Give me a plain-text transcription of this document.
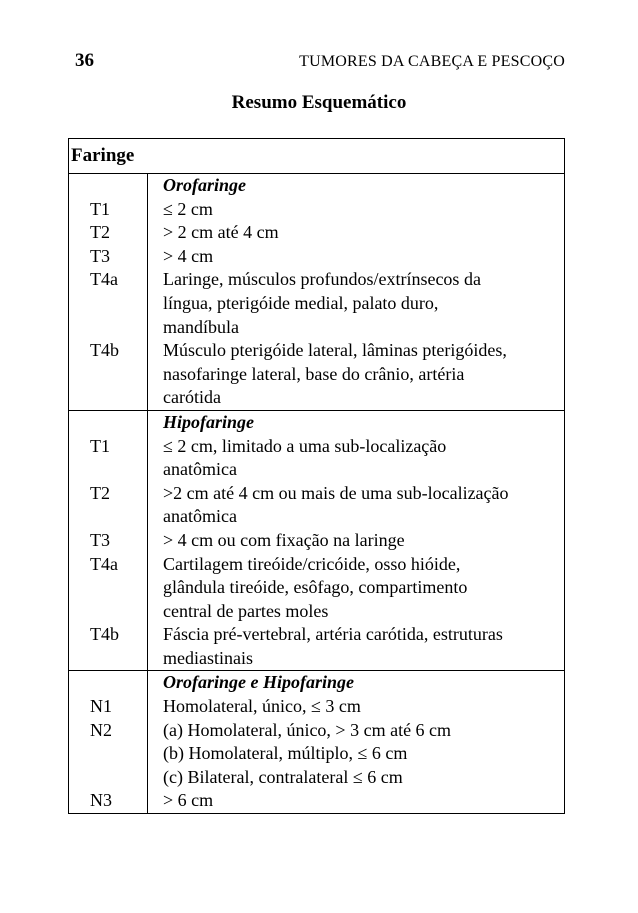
36	TUMORES DA CABEÇA E PESCOÇO
Resumo Esquemático
Faringe
T1
T2
T3
T4a
T4b
Orofaringe
≤ 2 cm
> 2 cm até 4 cm
> 4 cm
Laringe, músculos profundos/extrínsecos da
língua, pterigóide medial, palato duro,
mandíbula
Músculo pterigóide lateral, lâminas pterigóides,
nasofaringe lateral, base do crânio, artéria
carótida
T1
T2
T3
T4a
T4b
Hipofaringe
≤ 2 cm, limitado a uma sub-localização
anatômica
>2 cm até 4 cm ou mais de uma sub-localização
anatômica
> 4 cm ou com fixação na laringe
Cartilagem tireóide/cricóide, osso hióide,
glândula tireóide, esôfago, compartimento
central de partes moles
Fáscia pré-vertebral, artéria carótida, estruturas
mediastinais
N1
N2
N3
Orofaringe e Hipofaringe
Homolateral, único, ≤ 3 cm
(a) Homolateral, único, > 3 cm até 6 cm
(b) Homolateral, múltiplo, ≤ 6 cm
(c) Bilateral, contralateral ≤ 6 cm
> 6 cm
